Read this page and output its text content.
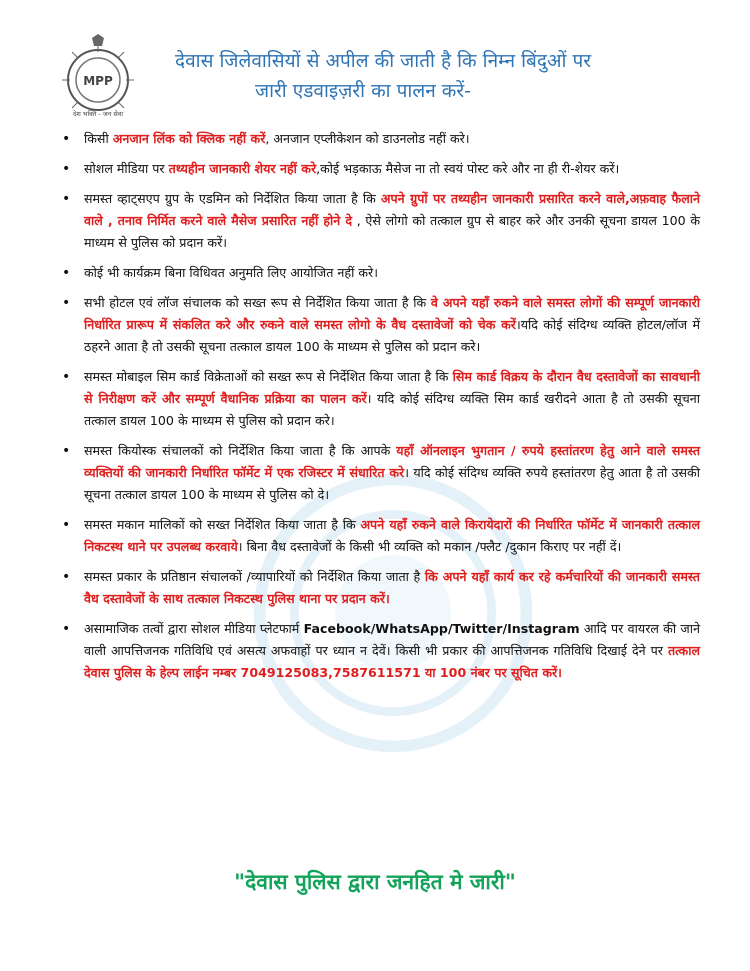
MPP
देश भक्ति - जन सेवा
देवास जिलेवासियों से अपील की जाती है कि निम्न बिंदुओं पर
जारी एडवाइज़री का पालन करें-
• किसी अनजान लिंक को क्लिक नहीं करें, अनजान एप्लीकेशन को डाउनलोड नहीं करे।
• सोशल मीडिया पर तथ्यहीन जानकारी शेयर नहीं करे,कोई भड़काऊ मैसेज ना तो स्वयं पोस्ट करे और ना ही री-शेयर करें।
• समस्त व्हाट्सएप ग्रुप के एडमिन को निर्देशित किया जाता है कि अपने ग्रुपों पर तथ्यहीन जानकारी प्रसारित करने वाले,अफ़वाह फैलाने वाले , तनाव निर्मित करने वाले मैसेज प्रसारित नहीं होने दे , ऐसे लोगो को तत्काल ग्रुप से बाहर करे और उनकी सूचना डायल 100 के माध्यम से पुलिस को प्रदान करें।
• कोई भी कार्यक्रम बिना विधिवत अनुमति लिए आयोजित नहीं करे।
• सभी होटल एवं लॉज संचालक को सख्त रूप से निर्देशित किया जाता है कि वे अपने यहाँ रुकने वाले समस्त लोगों की सम्पूर्ण जानकारी निर्धारित प्रारूप में संकलित करे और रुकने वाले समस्त लोगो के वैध दस्तावेजों को चेक करें।यदि कोई संदिग्ध व्यक्ति होटल/लॉज में ठहरने आता है तो उसकी सूचना तत्काल डायल 100 के माध्यम से पुलिस को प्रदान करे।
• समस्त मोबाइल सिम कार्ड विक्रेताओं को सख्त रूप से निर्देशित किया जाता है कि सिम कार्ड विक्रय के दौरान वैध दस्तावेजों का सावधानी से निरीक्षण करें और सम्पूर्ण वैधानिक प्रक्रिया का पालन करें। यदि कोई संदिग्ध व्यक्ति सिम कार्ड खरीदने आता है तो उसकी सूचना तत्काल डायल 100 के माध्यम से पुलिस को प्रदान करे।
• समस्त कियोस्क संचालकों को निर्देशित किया जाता है कि आपके यहाँ ऑनलाइन भुगतान / रुपये हस्तांतरण हेतु आने वाले समस्त व्यक्तियों की जानकारी निर्धारित फॉर्मेट में एक रजिस्टर में संधारित करे। यदि कोई संदिग्ध व्यक्ति रुपये हस्तांतरण हेतु आता है तो उसकी सूचना तत्काल डायल 100 के माध्यम से पुलिस को दे।
• समस्त मकान मालिकों को सख्त निर्देशित किया जाता है कि अपने यहाँ रुकने वाले किरायेदारों की निर्धारित फॉर्मेट में जानकारी तत्काल निकटस्थ थाने पर उपलब्ध करवाये। बिना वैध दस्तावेजों के किसी भी व्यक्ति को मकान /फ्लैट /दुकान किराए पर नहीं दें।
• समस्त प्रकार के प्रतिष्ठान संचालकों /व्यापारियों को निर्देशित किया जाता है कि अपने यहाँ कार्य कर रहे कर्मचारियों की जानकारी समस्त वैध दस्तावेजों के साथ तत्काल निकटस्थ पुलिस थाना पर प्रदान करें।
• असामाजिक तत्वों द्वारा सोशल मीडिया प्लेटफार्म Facebook/WhatsApp/Twitter/Instagram आदि पर वायरल की जाने वाली आपत्तिजनक गतिविधि एवं असत्य अफवाहों पर ध्यान न देवें। किसी भी प्रकार की आपत्तिजनक गतिविधि दिखाई देने पर तत्काल देवास पुलिस के हेल्प लाईन नम्बर 7049125083,7587611571 या 100 नंबर पर सूचित करें।
"देवास पुलिस द्वारा जनहित मे जारी"
